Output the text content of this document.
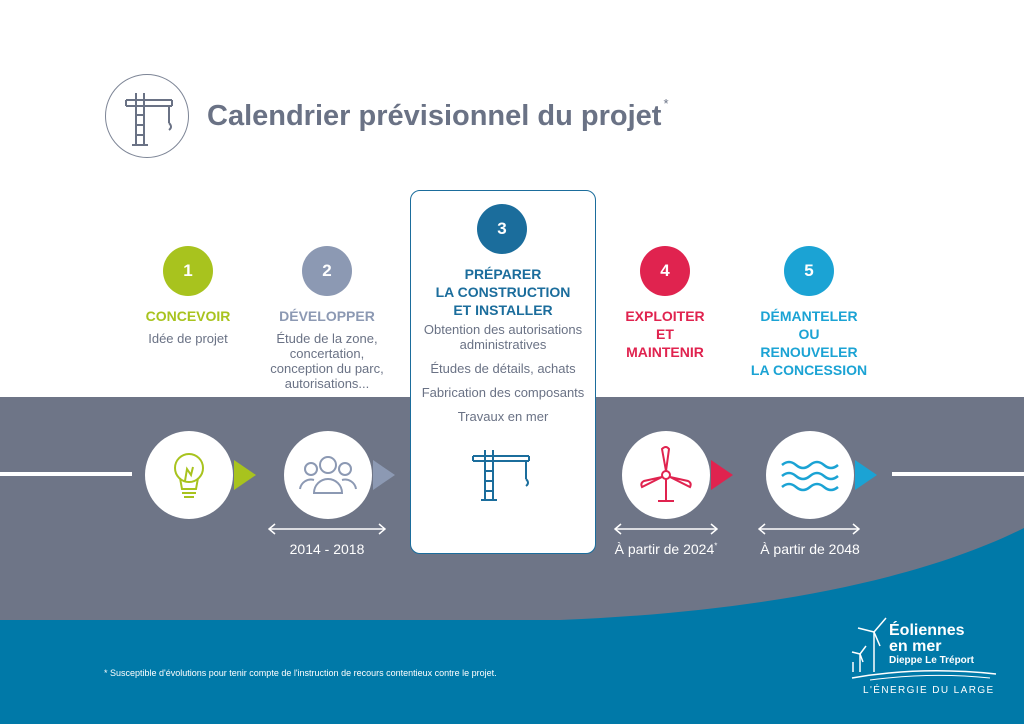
Calendrier prévisionnel du projet *
1
CONCEVOIR
Idée de projet
2
DÉVELOPPER
Étude de la zone,
concertation,
conception du parc,
autorisations...
3
PRÉPARER
LA CONSTRUCTION
ET INSTALLER
Obtention des autorisations
administratives
Études de détails, achats
Fabrication des composants
Travaux en mer
4
EXPLOITER
ET
MAINTENIR
5
DÉMANTELER
OU
RENOUVELER
LA CONCESSION
2014 - 2018	À partir de 2024*	À partir de 2048
* Susceptible d'évolutions pour tenir compte de l'instruction de recours contentieux contre le projet.
Éoliennes
en mer
Dieppe Le Tréport
L'ÉNERGIE DU LARGE
